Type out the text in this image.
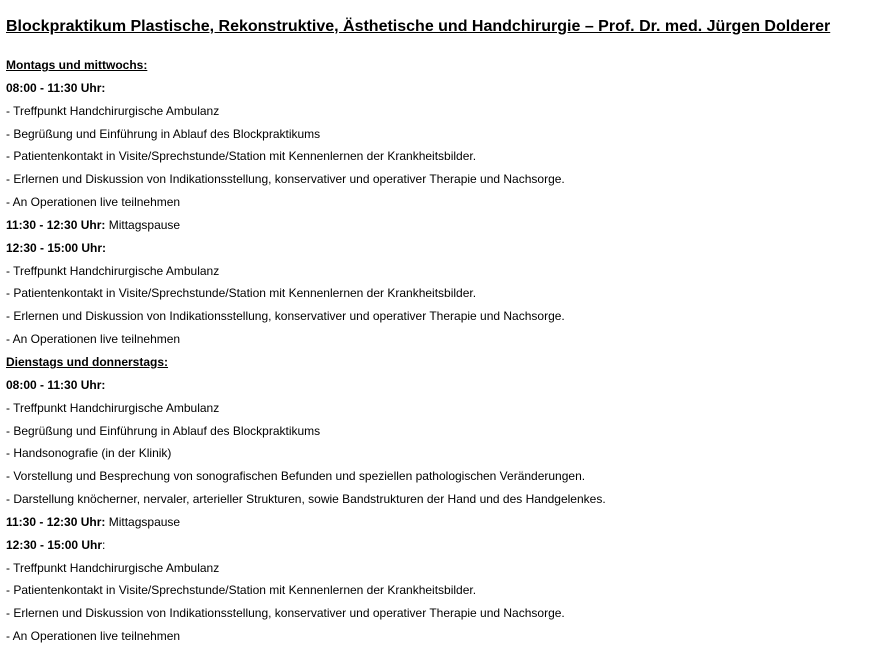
Blockpraktikum Plastische, Rekonstruktive, Ästhetische und Handchirurgie – Prof. Dr. med. Jürgen Dolderer
Montags und mittwochs:
08:00 - 11:30 Uhr:
- Treffpunkt Handchirurgische Ambulanz
- Begrüßung und Einführung in Ablauf des Blockpraktikums
- Patientenkontakt in Visite/Sprechstunde/Station mit Kennenlernen der Krankheitsbilder.
- Erlernen und Diskussion von Indikationsstellung, konservativer und operativer Therapie und Nachsorge.
- An Operationen live teilnehmen
11:30 - 12:30 Uhr: Mittagspause
12:30 - 15:00 Uhr:
- Treffpunkt Handchirurgische Ambulanz
- Patientenkontakt in Visite/Sprechstunde/Station mit Kennenlernen der Krankheitsbilder.
- Erlernen und Diskussion von Indikationsstellung, konservativer und operativer Therapie und Nachsorge.
- An Operationen live teilnehmen
Dienstags und donnerstags:
08:00 - 11:30 Uhr:
- Treffpunkt Handchirurgische Ambulanz
- Begrüßung und Einführung in Ablauf des Blockpraktikums
- Handsonografie (in der Klinik)
- Vorstellung und Besprechung von sonografischen Befunden und speziellen pathologischen Veränderungen.
- Darstellung knöcherner, nervaler, arterieller Strukturen, sowie Bandstrukturen der Hand und des Handgelenkes.
11:30 - 12:30 Uhr: Mittagspause
12:30 - 15:00 Uhr:
- Treffpunkt Handchirurgische Ambulanz
- Patientenkontakt in Visite/Sprechstunde/Station mit Kennenlernen der Krankheitsbilder.
- Erlernen und Diskussion von Indikationsstellung, konservativer und operativer Therapie und Nachsorge.
- An Operationen live teilnehmen
